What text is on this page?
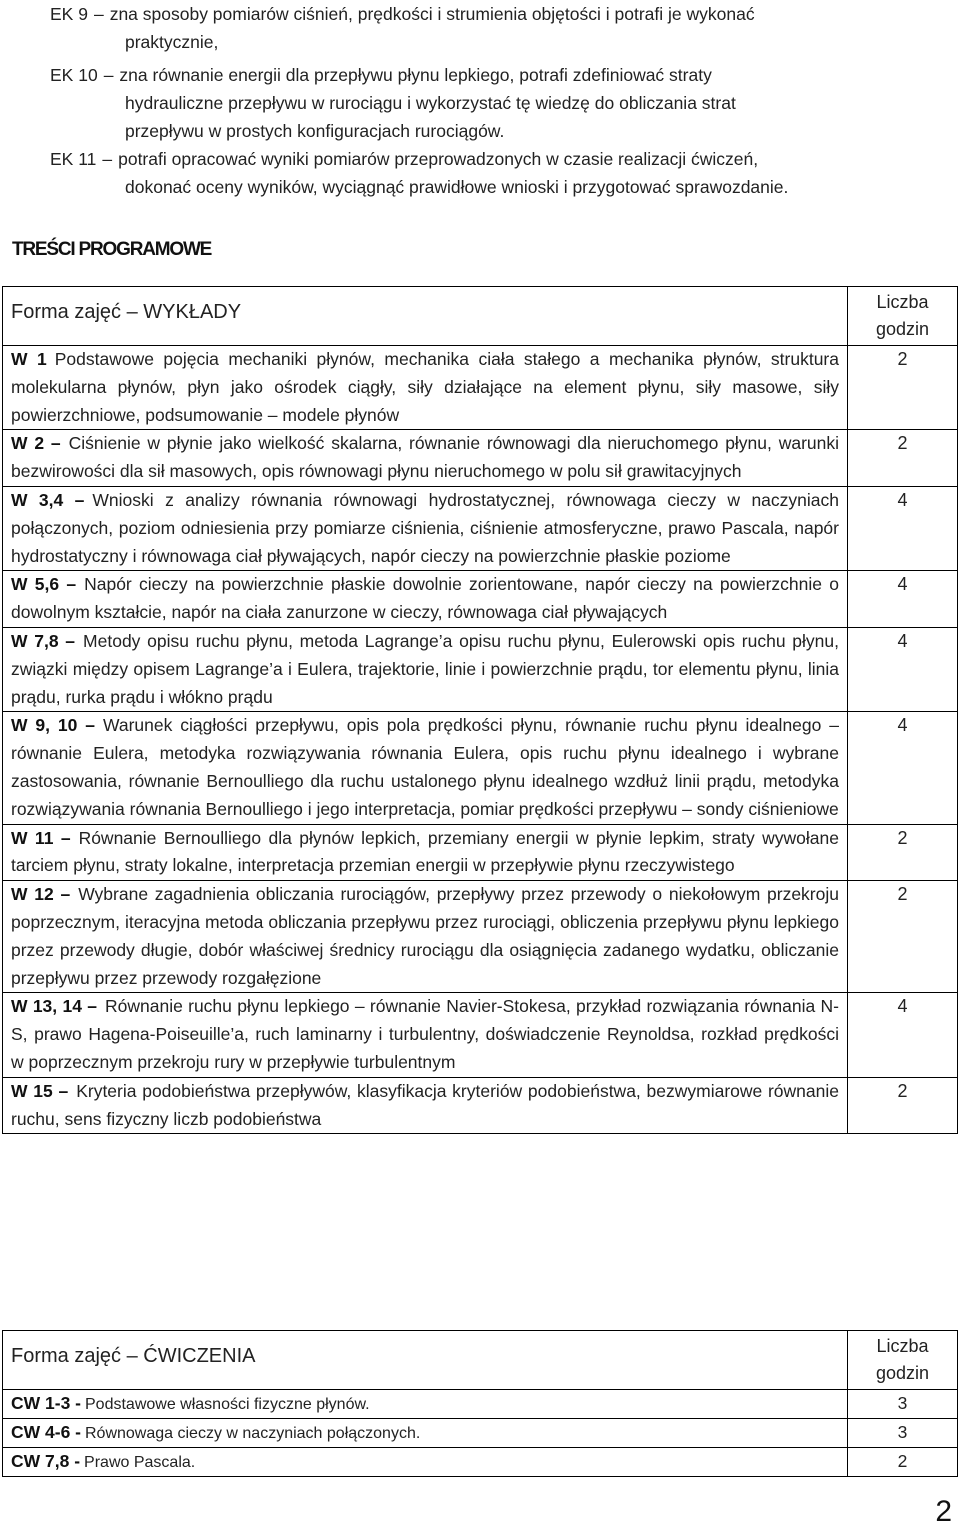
EK 9 – zna sposoby pomiarów ciśnień, prędkości i strumienia objętości i potrafi je wykonać
praktycznie,
EK 10 – zna równanie energii dla przepływu płynu lepkiego, potrafi zdefiniować straty
hydrauliczne przepływu w rurociągu i wykorzystać tę wiedzę do obliczania strat
przepływu w prostych konfiguracjach rurociągów.
EK 11 – potrafi opracować wyniki pomiarów przeprowadzonych w czasie realizacji ćwiczeń,
dokonać oceny wyników, wyciągnąć prawidłowe wnioski i przygotować sprawozdanie.
TREŚCI PROGRAMOWE
Forma zajęć – WYKŁADY	Liczba
godzin

W 1 Podstawowe pojęcia mechaniki płynów, mechanika ciała stałego a mechanika płynów, struktura molekularna płynów, płyn jako ośrodek ciągły, siły działające na element płynu, siły masowe, siły powierzchniowe, podsumowanie – modele płynów	2

W 2 – Ciśnienie w płynie jako wielkość skalarna, równanie równowagi dla nieruchomego płynu, warunki bezwirowości dla sił masowych, opis równowagi płynu nieruchomego w polu sił grawitacyjnych	2

W 3,4 – Wnioski z analizy równania równowagi hydrostatycznej, równowaga cieczy w naczyniach połączonych, poziom odniesienia przy pomiarze ciśnienia, ciśnienie atmosferyczne, prawo Pascala, napór hydrostatyczny i równowaga ciał pływających, napór cieczy na powierzchnie płaskie poziome	4

W 5,6 – Napór cieczy na powierzchnie płaskie dowolnie zorientowane, napór cieczy na powierzchnie o dowolnym kształcie, napór na ciała zanurzone w cieczy, równowaga ciał pływających	4

W 7,8 – Metody opisu ruchu płynu, metoda Lagrange’a opisu ruchu płynu, Eulerowski opis ruchu płynu, związki między opisem Lagrange’a i Eulera, trajektorie, linie i powierzchnie prądu, tor elementu płynu, linia prądu, rurka prądu i włókno prądu	4

W 9, 10 – Warunek ciągłości przepływu, opis pola prędkości płynu, równanie ruchu płynu idealnego – równanie Eulera, metodyka rozwiązywania równania Eulera, opis ruchu płynu idealnego i wybrane zastosowania, równanie Bernoulliego dla ruchu ustalonego płynu idealnego wzdłuż linii prądu, metodyka rozwiązywania równania Bernoulliego i jego interpretacja, pomiar prędkości przepływu – sondy ciśnieniowe	4

W 11 – Równanie Bernoulliego dla płynów lepkich, przemiany energii w płynie lepkim, straty wywołane tarciem płynu, straty lokalne, interpretacja przemian energii w przepływie płynu rzeczywistego	2

W 12 – Wybrane zagadnienia obliczania rurociągów, przepływy przez przewody o niekołowym przekroju poprzecznym, iteracyjna metoda obliczania przepływu przez rurociągi, obliczenia przepływu płynu lepkiego przez przewody długie, dobór właściwej średnicy rurociągu dla osiągnięcia zadanego wydatku, obliczanie przepływu przez przewody rozgałęzione	2

W 13, 14 – Równanie ruchu płynu lepkiego – równanie Navier-Stokesa, przykład rozwiązania równania N-S, prawo Hagena-Poiseuille’a, ruch laminarny i turbulentny, doświadczenie Reynoldsa, rozkład prędkości w poprzecznym przekroju rury w przepływie turbulentnym	4

W 15 – Kryteria podobieństwa przepływów, klasyfikacja kryteriów podobieństwa, bezwymiarowe równanie ruchu, sens fizyczny liczb podobieństwa	2
Forma zajęć – ĆWICZENIA	Liczba
godzin

CW 1-3 - Podstawowe własności fizyczne płynów.	3
CW 4-6 - Równowaga cieczy w naczyniach połączonych.	3
CW 7,8 - Prawo Pascala.	2
2
